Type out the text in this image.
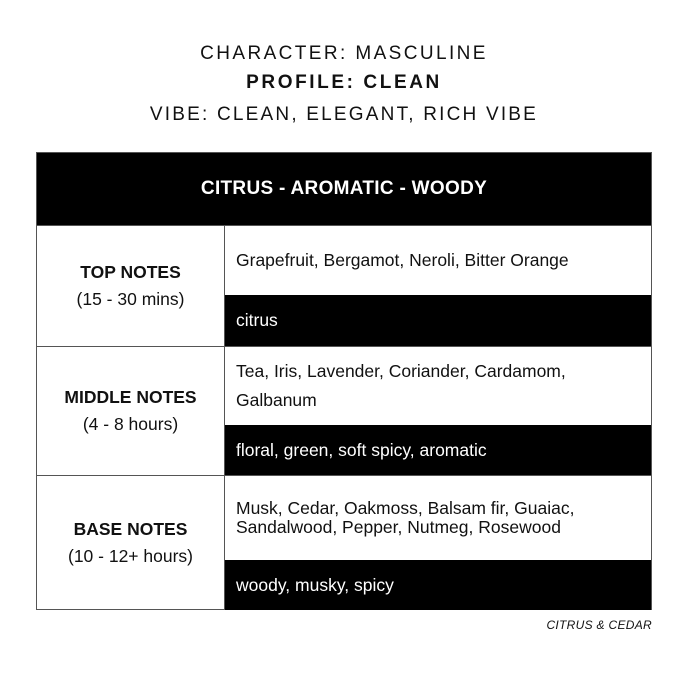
CHARACTER: MASCULINE
PROFILE: CLEAN
VIBE: CLEAN, ELEGANT, RICH VIBE
CITRUS - AROMATIC - WOODY
TOP NOTES
(15 - 30 mins)
Grapefruit, Bergamot, Neroli, Bitter Orange
citrus
MIDDLE NOTES
(4 - 8 hours)
Tea, Iris, Lavender, Coriander, Cardamom, Galbanum
floral, green, soft spicy, aromatic
BASE NOTES
(10 - 12+ hours)
Musk, Cedar, Oakmoss, Balsam fir, Guaiac, Sandalwood, Pepper, Nutmeg, Rosewood
woody, musky, spicy
CITRUS & CEDAR
